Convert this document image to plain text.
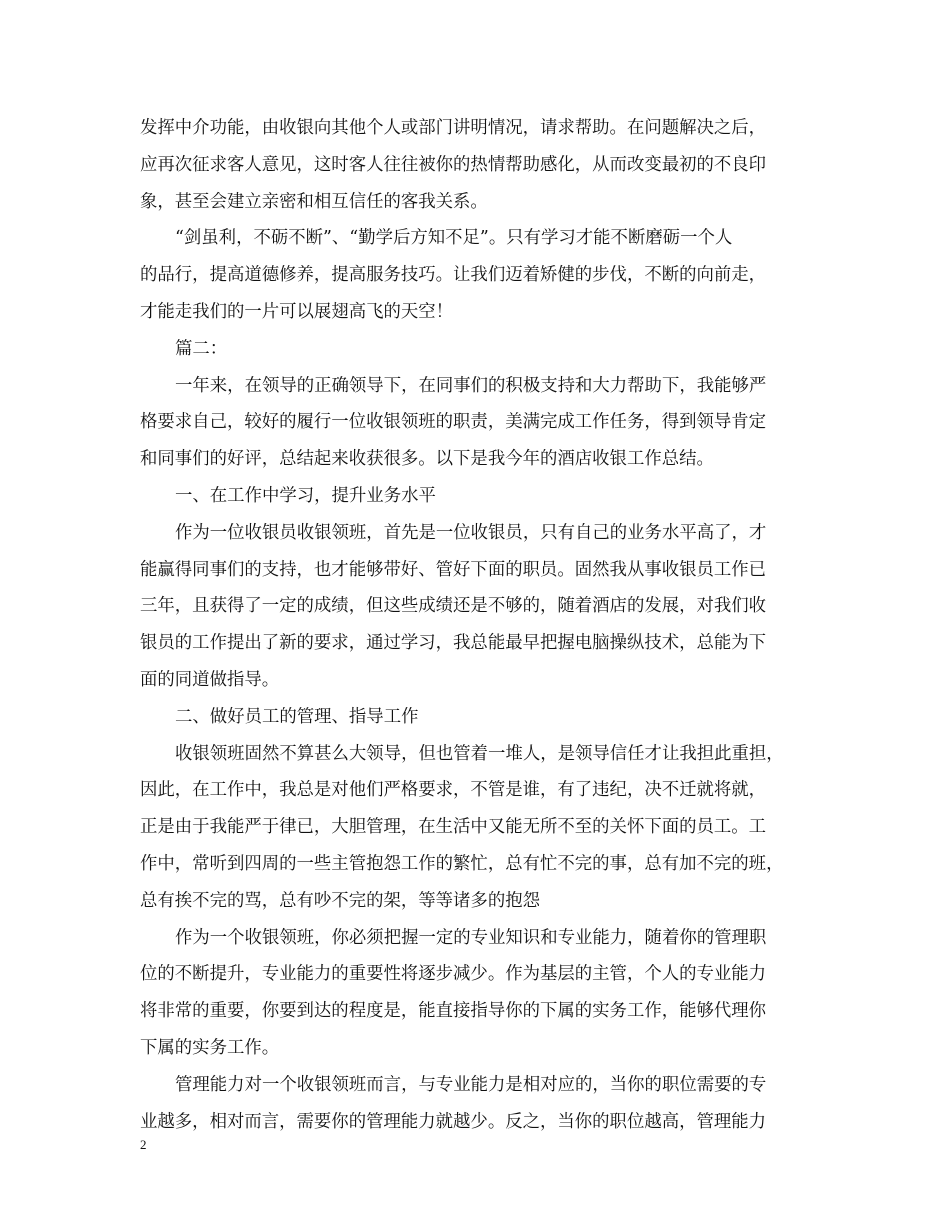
发挥中介功能，由收银向其他个人或部门讲明情况，请求帮助。在问题解决之后，
应再次征求客人意见，这时客人往往被你的热情帮助感化，从而改变最初的不良印
象，甚至会建立亲密和相互信任的客我关系。
“剑虽利，不砺不断”、“勤学后方知不足”。只有学习才能不断磨砺一个人
的品行，提高道德修养，提高服务技巧。让我们迈着矫健的步伐，不断的向前走，
才能走我们的一片可以展翅高飞的天空！
篇二：
一年来，在领导的正确领导下，在同事们的积极支持和大力帮助下，我能够严
格要求自己，较好的履行一位收银领班的职责，美满完成工作任务，得到领导肯定
和同事们的好评，总结起来收获很多。以下是我今年的酒店收银工作总结。
一、在工作中学习，提升业务水平
作为一位收银员收银领班，首先是一位收银员，只有自己的业务水平高了，才
能赢得同事们的支持，也才能够带好、管好下面的职员。固然我从事收银员工作已
三年，且获得了一定的成绩，但这些成绩还是不够的，随着酒店的发展，对我们收
银员的工作提出了新的要求，通过学习，我总能最早把握电脑操纵技术，总能为下
面的同道做指导。
二、做好员工的管理、指导工作
收银领班固然不算甚么大领导，但也管着一堆人，是领导信任才让我担此重担，
因此，在工作中，我总是对他们严格要求，不管是谁，有了违纪，决不迁就将就，
正是由于我能严于律已，大胆管理，在生活中又能无所不至的关怀下面的员工。工
作中，常听到四周的一些主管抱怨工作的繁忙，总有忙不完的事，总有加不完的班，
总有挨不完的骂，总有吵不完的架，等等诸多的抱怨
作为一个收银领班，你必须把握一定的专业知识和专业能力，随着你的管理职
位的不断提升，专业能力的重要性将逐步减少。作为基层的主管，个人的专业能力
将非常的重要，你要到达的程度是，能直接指导你的下属的实务工作，能够代理你
下属的实务工作。
管理能力对一个收银领班而言，与专业能力是相对应的，当你的职位需要的专
业越多，相对而言，需要你的管理能力就越少。反之，当你的职位越高，管理能力
2
